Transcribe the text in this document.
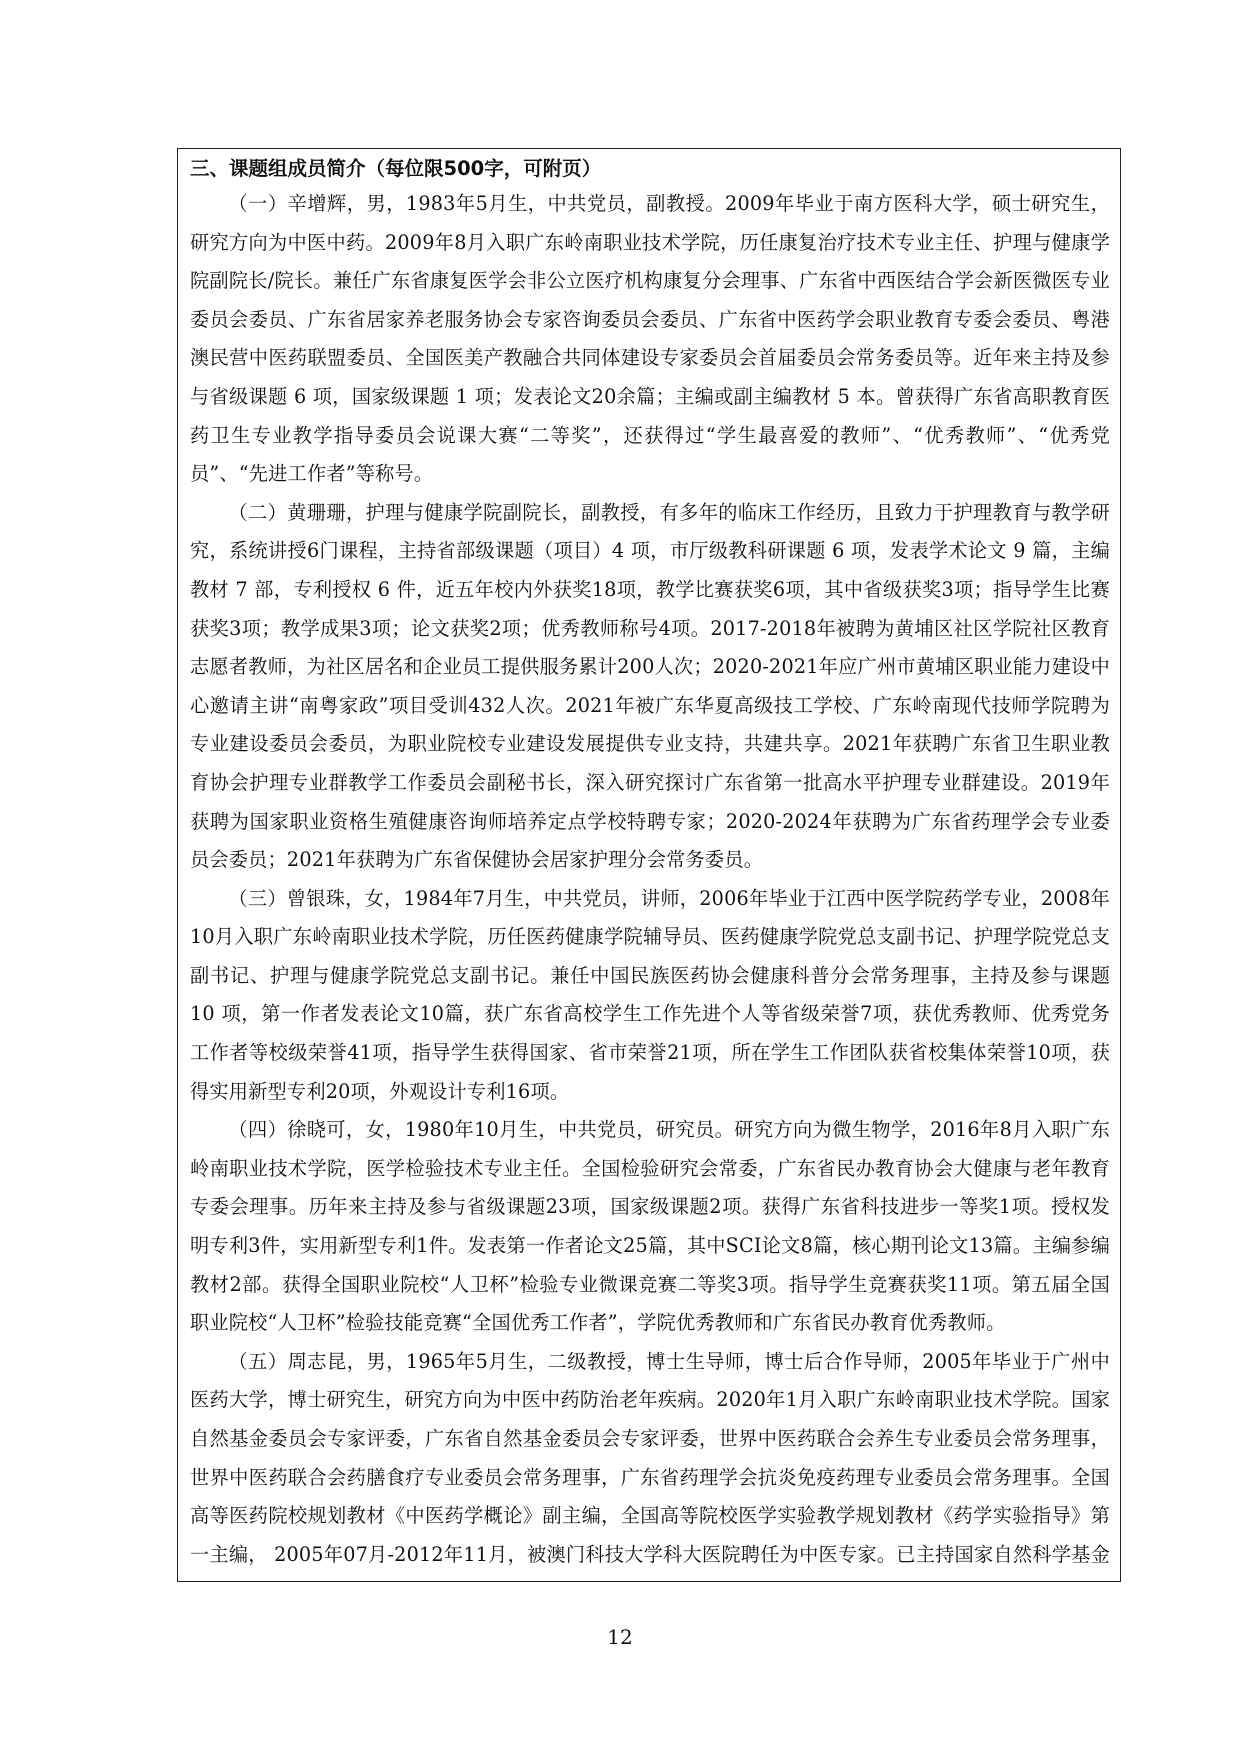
三、课题组成员简介（每位限500字，可附页）

（一）辛增辉，男，1983年5月生，中共党员，副教授。2009年毕业于南方医科大学，硕士研究生，研究方向为中医中药。2009年8月入职广东岭南职业技术学院，历任康复治疗技术专业主任、护理与健康学院副院长/院长。兼任广东省康复医学会非公立医疗机构康复分会理事、广东省中西医结合学会新医微医专业委员会委员、广东省居家养老服务协会专家咨询委员会委员、广东省中医药学会职业教育专委会委员、粤港澳民营中医药联盟委员、全国医美产教融合共同体建设专家委员会首届委员会常务委员等。近年来主持及参与省级课题 6 项，国家级课题 1 项；发表论文20余篇；主编或副主编教材 5 本。曾获得广东省高职教育医药卫生专业教学指导委员会说课大赛“二等奖”，还获得过“学生最喜爱的教师”、“优秀教师”、“优秀党员”、“先进工作者”等称号。

（二）黄珊珊，护理与健康学院副院长，副教授，有多年的临床工作经历，且致力于护理教育与教学研究，系统讲授6门课程，主持省部级课题（项目）4 项，市厅级教科研课题 6 项，发表学术论文 9 篇，主编教材 7 部，专利授权 6 件，近五年校内外获奖18项，教学比赛获奖6项，其中省级获奖3项；指导学生比赛获奖3项；教学成果3项；论文获奖2项；优秀教师称号4项。2017-2018年被聘为黄埔区社区学院社区教育志愿者教师，为社区居名和企业员工提供服务累计200人次；2020-2021年应广州市黄埔区职业能力建设中心邀请主讲“南粤家政”项目受训432人次。2021年被广东华夏高级技工学校、广东岭南现代技师学院聘为专业建设委员会委员，为职业院校专业建设发展提供专业支持，共建共享。2021年获聘广东省卫生职业教育协会护理专业群教学工作委员会副秘书长，深入研究探讨广东省第一批高水平护理专业群建设。2019年获聘为国家职业资格生殖健康咨询师培养定点学校特聘专家；2020-2024年获聘为广东省药理学会专业委员会委员；2021年获聘为广东省保健协会居家护理分会常务委员。

（三）曾银珠，女，1984年7月生，中共党员，讲师，2006年毕业于江西中医学院药学专业，2008年10月入职广东岭南职业技术学院，历任医药健康学院辅导员、医药健康学院党总支副书记、护理学院党总支副书记、护理与健康学院党总支副书记。兼任中国民族医药协会健康科普分会常务理事，主持及参与课题 10 项，第一作者发表论文10篇，获广东省高校学生工作先进个人等省级荣誉7项，获优秀教师、优秀党务工作者等校级荣誉41项，指导学生获得国家、省市荣誉21项，所在学生工作团队获省校集体荣誉10项，获得实用新型专利20项，外观设计专利16项。

（四）徐晓可，女，1980年10月生，中共党员，研究员。研究方向为微生物学，2016年8月入职广东岭南职业技术学院，医学检验技术专业主任。全国检验研究会常委，广东省民办教育协会大健康与老年教育专委会理事。历年来主持及参与省级课题23项，国家级课题2项。获得广东省科技进步一等奖1项。授权发明专利3件，实用新型专利1件。发表第一作者论文25篇，其中SCI论文8篇，核心期刊论文13篇。主编参编教材2部。获得全国职业院校“人卫杯”检验专业微课竞赛二等奖3项。指导学生竞赛获奖11项。第五届全国职业院校“人卫杯”检验技能竞赛“全国优秀工作者”，学院优秀教师和广东省民办教育优秀教师。

（五）周志昆，男，1965年5月生，二级教授，博士生导师，博士后合作导师，2005年毕业于广州中医药大学，博士研究生，研究方向为中医中药防治老年疾病。2020年1月入职广东岭南职业技术学院。国家自然基金委员会专家评委，广东省自然基金委员会专家评委，世界中医药联合会养生专业委员会常务理事，世界中医药联合会药膳食疗专业委员会常务理事，广东省药理学会抗炎免疫药理专业委员会常务理事。全国高等医药院校规划教材《中医药学概论》副主编，全国高等院校医学实验教学规划教材《药学实验指导》第一主编， 2005年07月-2012年11月，被澳门科技大学科大医院聘任为中医专家。已主持国家自然科学基金

12
